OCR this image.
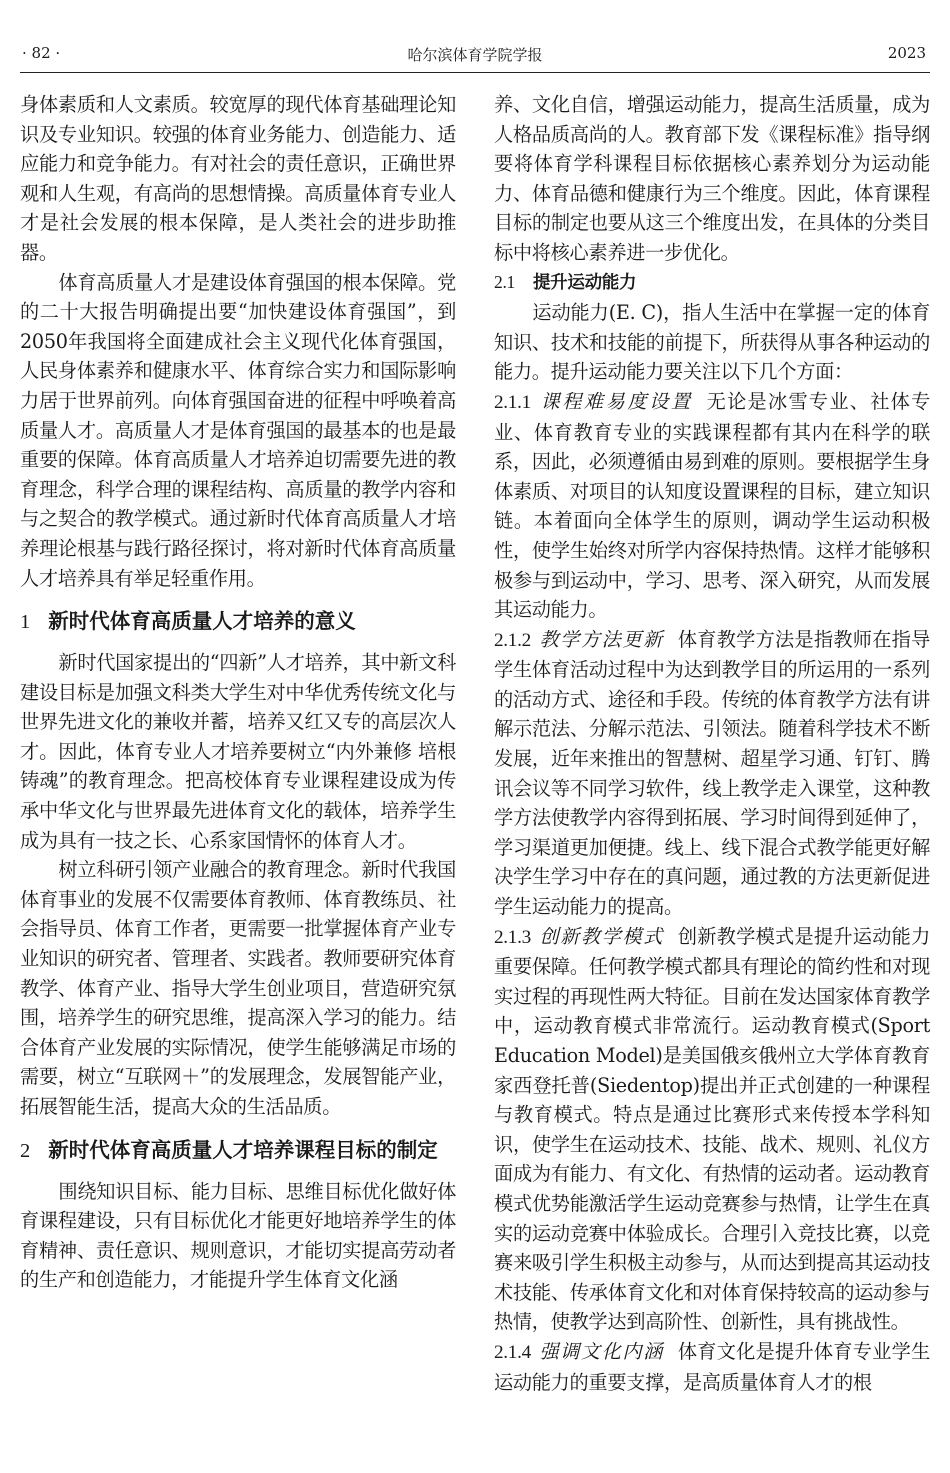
· 82 ·	哈尔滨体育学院学报	2023

身体素质和人文素质。较宽厚的现代体育基础理论知识及专业知识。较强的体育业务能力、创造能力、适应能力和竞争能力。有对社会的责任意识，正确世界观和人生观，有高尚的思想情操。高质量体育专业人才是社会发展的根本保障，是人类社会的进步助推器。

体育高质量人才是建设体育强国的根本保障。党的二十大报告明确提出要“加快建设体育强国”，到2050年我国将全面建成社会主义现代化体育强国，人民身体素养和健康水平、体育综合实力和国际影响力居于世界前列。向体育强国奋进的征程中呼唤着高质量人才。高质量人才是体育强国的最基本的也是最重要的保障。体育高质量人才培养迫切需要先进的教育理念，科学合理的课程结构、高质量的教学内容和与之契合的教学模式。通过新时代体育高质量人才培养理论根基与践行路径探讨，将对新时代体育高质量人才培养具有举足轻重作用。

1 新时代体育高质量人才培养的意义

新时代国家提出的“四新”人才培养，其中新文科建设目标是加强文科类大学生对中华优秀传统文化与世界先进文化的兼收并蓄，培养又红又专的高层次人才。因此，体育专业人才培养要树立“内外兼修 培根铸魂”的教育理念。把高校体育专业课程建设成为传承中华文化与世界最先进体育文化的载体，培养学生成为具有一技之长、心系家国情怀的体育人才。

树立科研引领产业融合的教育理念。新时代我国体育事业的发展不仅需要体育教师、体育教练员、社会指导员、体育工作者，更需要一批掌握体育产业专业知识的研究者、管理者、实践者。教师要研究体育教学、体育产业、指导大学生创业项目，营造研究氛围，培养学生的研究思维，提高深入学习的能力。结合体育产业发展的实际情况，使学生能够满足市场的需要，树立“互联网＋”的发展理念，发展智能产业，拓展智能生活，提高大众的生活品质。

2 新时代体育高质量人才培养课程目标的制定

围绕知识目标、能力目标、思维目标优化做好体育课程建设，只有目标优化才能更好地培养学生的体育精神、责任意识、规则意识，才能切实提高劳动者的生产和创造能力，才能提升学生体育文化涵

养、文化自信，增强运动能力，提高生活质量，成为人格品质高尚的人。教育部下发《课程标准》指导纲要将体育学科课程目标依据核心素养划分为运动能力、体育品德和健康行为三个维度。因此，体育课程目标的制定也要从这三个维度出发，在具体的分类目标中将核心素养进一步优化。

2.1 提升运动能力

运动能力(E. C)，指人生活中在掌握一定的体育知识、技术和技能的前提下，所获得从事各种运动的能力。提升运动能力要关注以下几个方面：

2.1.1 课程难易度设置 无论是冰雪专业、社体专业、体育教育专业的实践课程都有其内在科学的联系，因此，必须遵循由易到难的原则。要根据学生身体素质、对项目的认知度设置课程的目标，建立知识链。本着面向全体学生的原则，调动学生运动积极性，使学生始终对所学内容保持热情。这样才能够积极参与到运动中，学习、思考、深入研究，从而发展其运动能力。

2.1.2 教学方法更新 体育教学方法是指教师在指导学生体育活动过程中为达到教学目的所运用的一系列的活动方式、途径和手段。传统的体育教学方法有讲解示范法、分解示范法、引领法。随着科学技术不断发展，近年来推出的智慧树、超星学习通、钉钉、腾讯会议等不同学习软件，线上教学走入课堂，这种教学方法使教学内容得到拓展、学习时间得到延伸了，学习渠道更加便捷。线上、线下混合式教学能更好解决学生学习中存在的真问题，通过教的方法更新促进学生运动能力的提高。

2.1.3 创新教学模式 创新教学模式是提升运动能力重要保障。任何教学模式都具有理论的简约性和对现实过程的再现性两大特征。目前在发达国家体育教学中，运动教育模式非常流行。运动教育模式(Sport Education Model)是美国俄亥俄州立大学体育教育家西登托普(Siedentop)提出并正式创建的一种课程与教育模式。特点是通过比赛形式来传授本学科知识，使学生在运动技术、技能、战术、规则、礼仪方面成为有能力、有文化、有热情的运动者。运动教育模式优势能激活学生运动竞赛参与热情，让学生在真实的运动竞赛中体验成长。合理引入竞技比赛，以竞赛来吸引学生积极主动参与，从而达到提高其运动技术技能、传承体育文化和对体育保持较高的运动参与热情，使教学达到高阶性、创新性，具有挑战性。

2.1.4 强调文化内涵 体育文化是提升体育专业学生运动能力的重要支撑，是高质量体育人才的根
